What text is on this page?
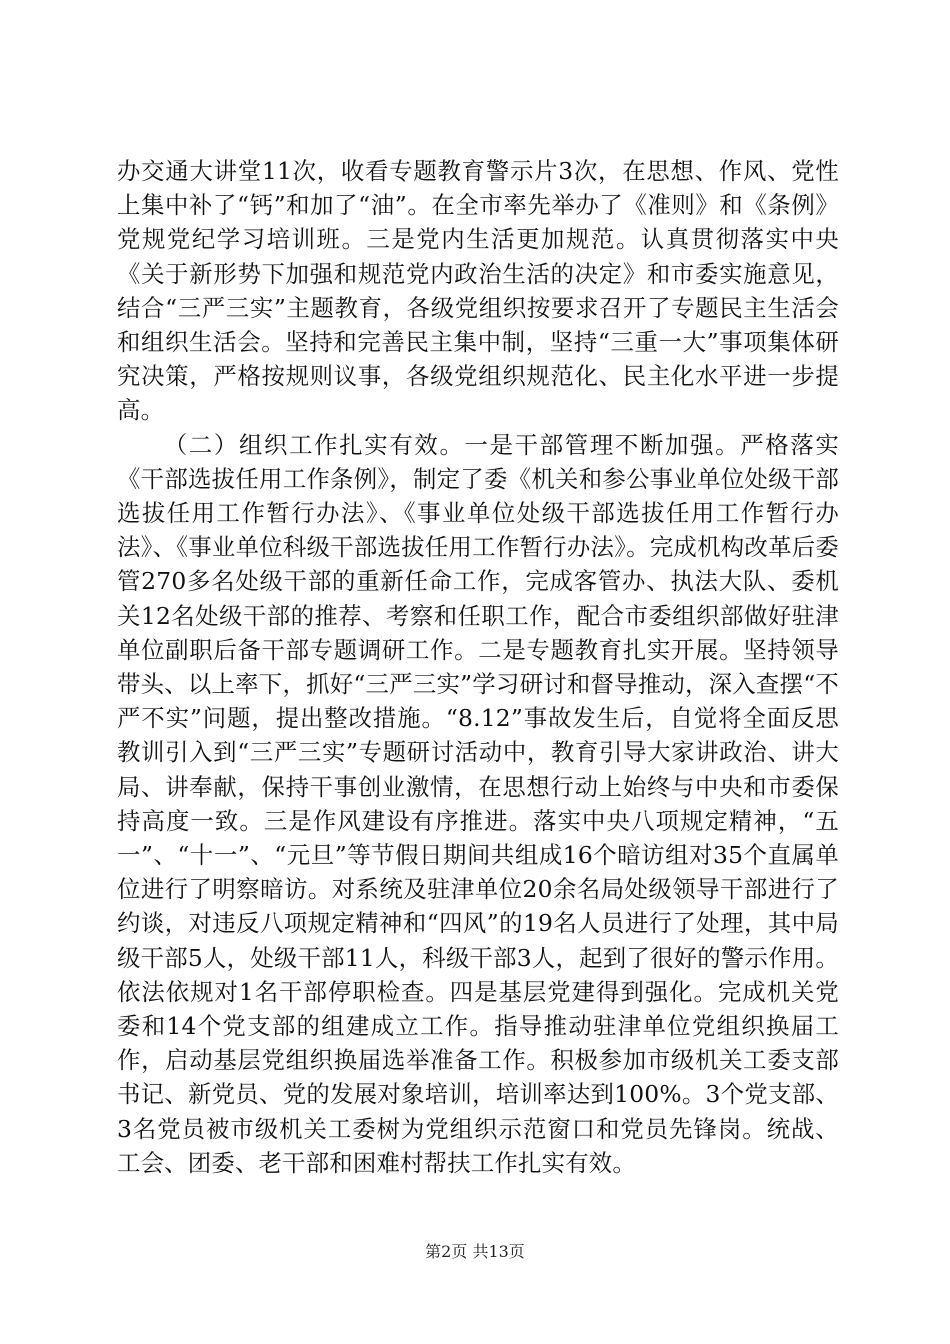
办交通大讲堂11次，收看专题教育警示片3次，在思想、作风、党性上集中补了“钙”和加了“油”。在全市率先举办了《准则》和《条例》党规党纪学习培训班。三是党内生活更加规范。认真贯彻落实中央《关于新形势下加强和规范党内政治生活的决定》和市委实施意见，结合“三严三实”主题教育，各级党组织按要求召开了专题民主生活会和组织生活会。坚持和完善民主集中制，坚持“三重一大”事项集体研究决策，严格按规则议事，各级党组织规范化、民主化水平进一步提高。

（二）组织工作扎实有效。一是干部管理不断加强。严格落实《干部选拔任用工作条例》，制定了委《机关和参公事业单位处级干部选拔任用工作暂行办法》、《事业单位处级干部选拔任用工作暂行办法》、《事业单位科级干部选拔任用工作暂行办法》。完成机构改革后委管270多名处级干部的重新任命工作，完成客管办、执法大队、委机关12名处级干部的推荐、考察和任职工作，配合市委组织部做好驻津单位副职后备干部专题调研工作。二是专题教育扎实开展。坚持领导带头、以上率下，抓好“三严三实”学习研讨和督导推动，深入查摆“不严不实”问题，提出整改措施。“8.12”事故发生后，自觉将全面反思教训引入到“三严三实”专题研讨活动中，教育引导大家讲政治、讲大局、讲奉献，保持干事创业激情，在思想行动上始终与中央和市委保持高度一致。三是作风建设有序推进。落实中央八项规定精神，“五一”、“十一”、“元旦”等节假日期间共组成16个暗访组对35个直属单位进行了明察暗访。对系统及驻津单位20余名局处级领导干部进行了约谈，对违反八项规定精神和“四风”的19名人员进行了处理，其中局级干部5人，处级干部11人，科级干部3人，起到了很好的警示作用。依法依规对1名干部停职检查。四是基层党建得到强化。完成机关党委和14个党支部的组建成立工作。指导推动驻津单位党组织换届工作，启动基层党组织换届选举准备工作。积极参加市级机关工委支部书记、新党员、党的发展对象培训，培训率达到100%。3个党支部、3名党员被市级机关工委树为党组织示范窗口和党员先锋岗。统战、工会、团委、老干部和困难村帮扶工作扎实有效。

第2页 共13页
